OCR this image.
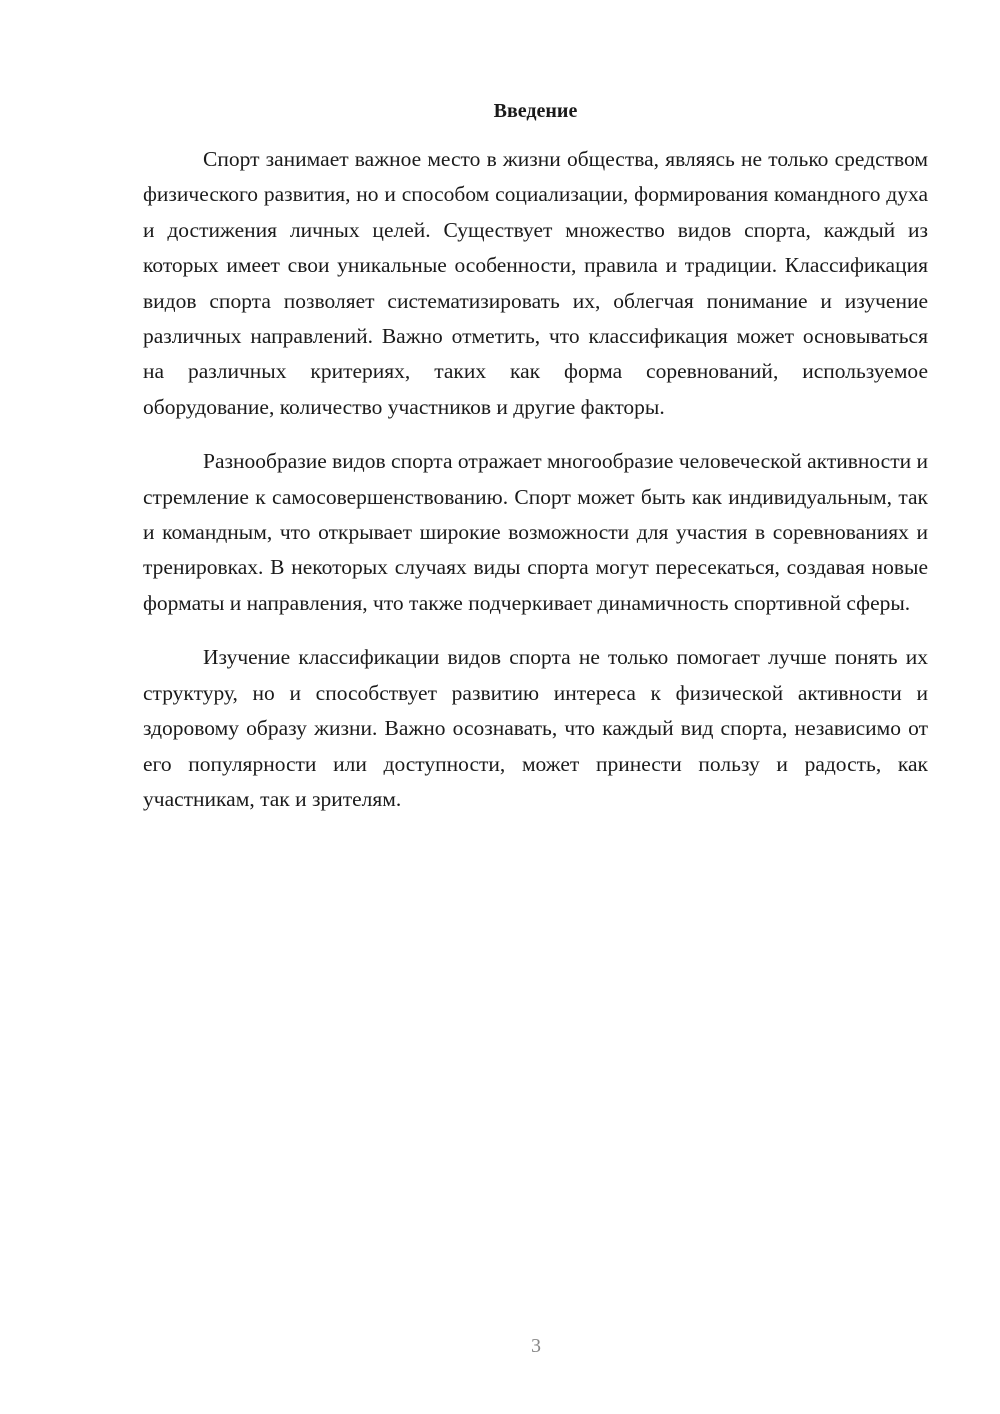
Введение

Спорт занимает важное место в жизни общества, являясь не только средством физического развития, но и способом социализации, формирования командного духа и достижения личных целей. Существует множество видов спорта, каждый из которых имеет свои уникальные особенности, правила и традиции. Классификация видов спорта позволяет систематизировать их, облегчая понимание и изучение различных направлений. Важно отметить, что классификация может основываться на различных критериях, таких как форма соревнований, используемое оборудование, количество участников и другие факторы.

Разнообразие видов спорта отражает многообразие человеческой активности и стремление к самосовершенствованию. Спорт может быть как индивидуальным, так и командным, что открывает широкие возможности для участия в соревнованиях и тренировках. В некоторых случаях виды спорта могут пересекаться, создавая новые форматы и направления, что также подчеркивает динамичность спортивной сферы.

Изучение классификации видов спорта не только помогает лучше понять их структуру, но и способствует развитию интереса к физической активности и здоровому образу жизни. Важно осознавать, что каждый вид спорта, независимо от его популярности или доступности, может принести пользу и радость, как участникам, так и зрителям.

3
